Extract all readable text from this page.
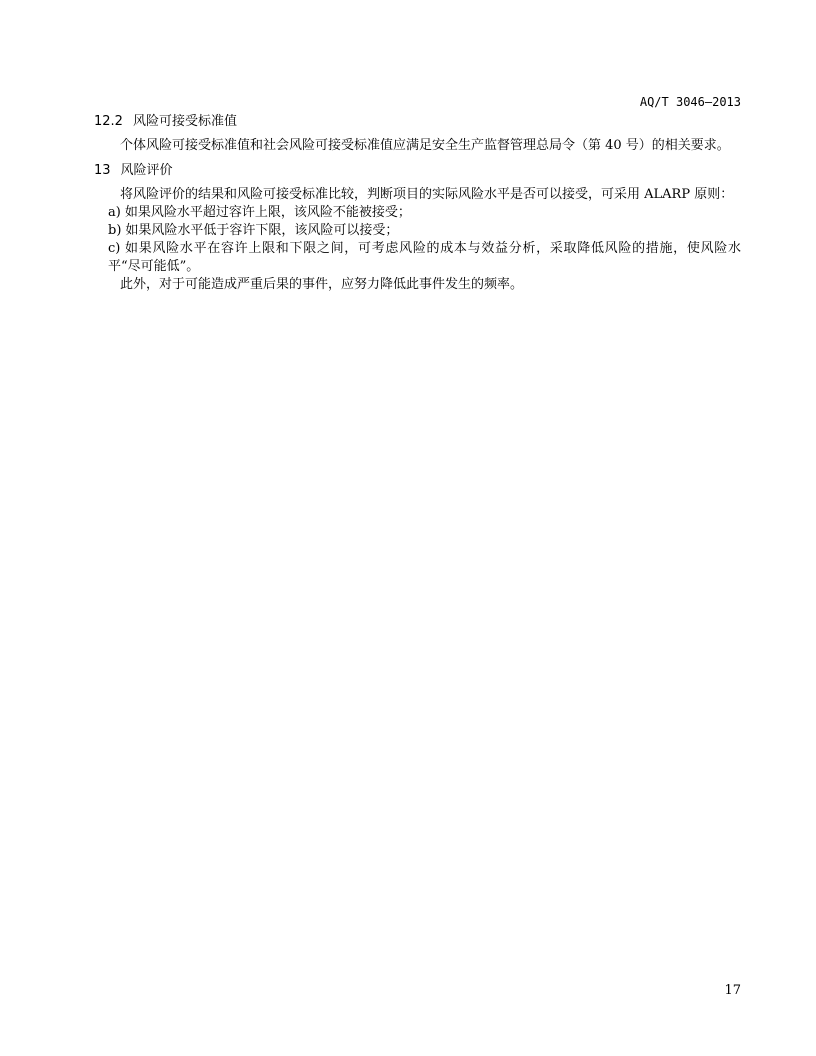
AQ/T 3046—2013
12.2 风险可接受标准值

个体风险可接受标准值和社会风险可接受标准值应满足安全生产监督管理总局令（第 40 号）的相关要求。

13 风险评价

将风险评价的结果和风险可接受标准比较，判断项目的实际风险水平是否可以接受，可采用 ALARP 原则：

a) 如果风险水平超过容许上限，该风险不能被接受；

b) 如果风险水平低于容许下限，该风险可以接受；

c) 如果风险水平在容许上限和下限之间，可考虑风险的成本与效益分析，采取降低风险的措施，使风险水平“尽可能低”。

此外，对于可能造成严重后果的事件，应努力降低此事件发生的频率。

17
